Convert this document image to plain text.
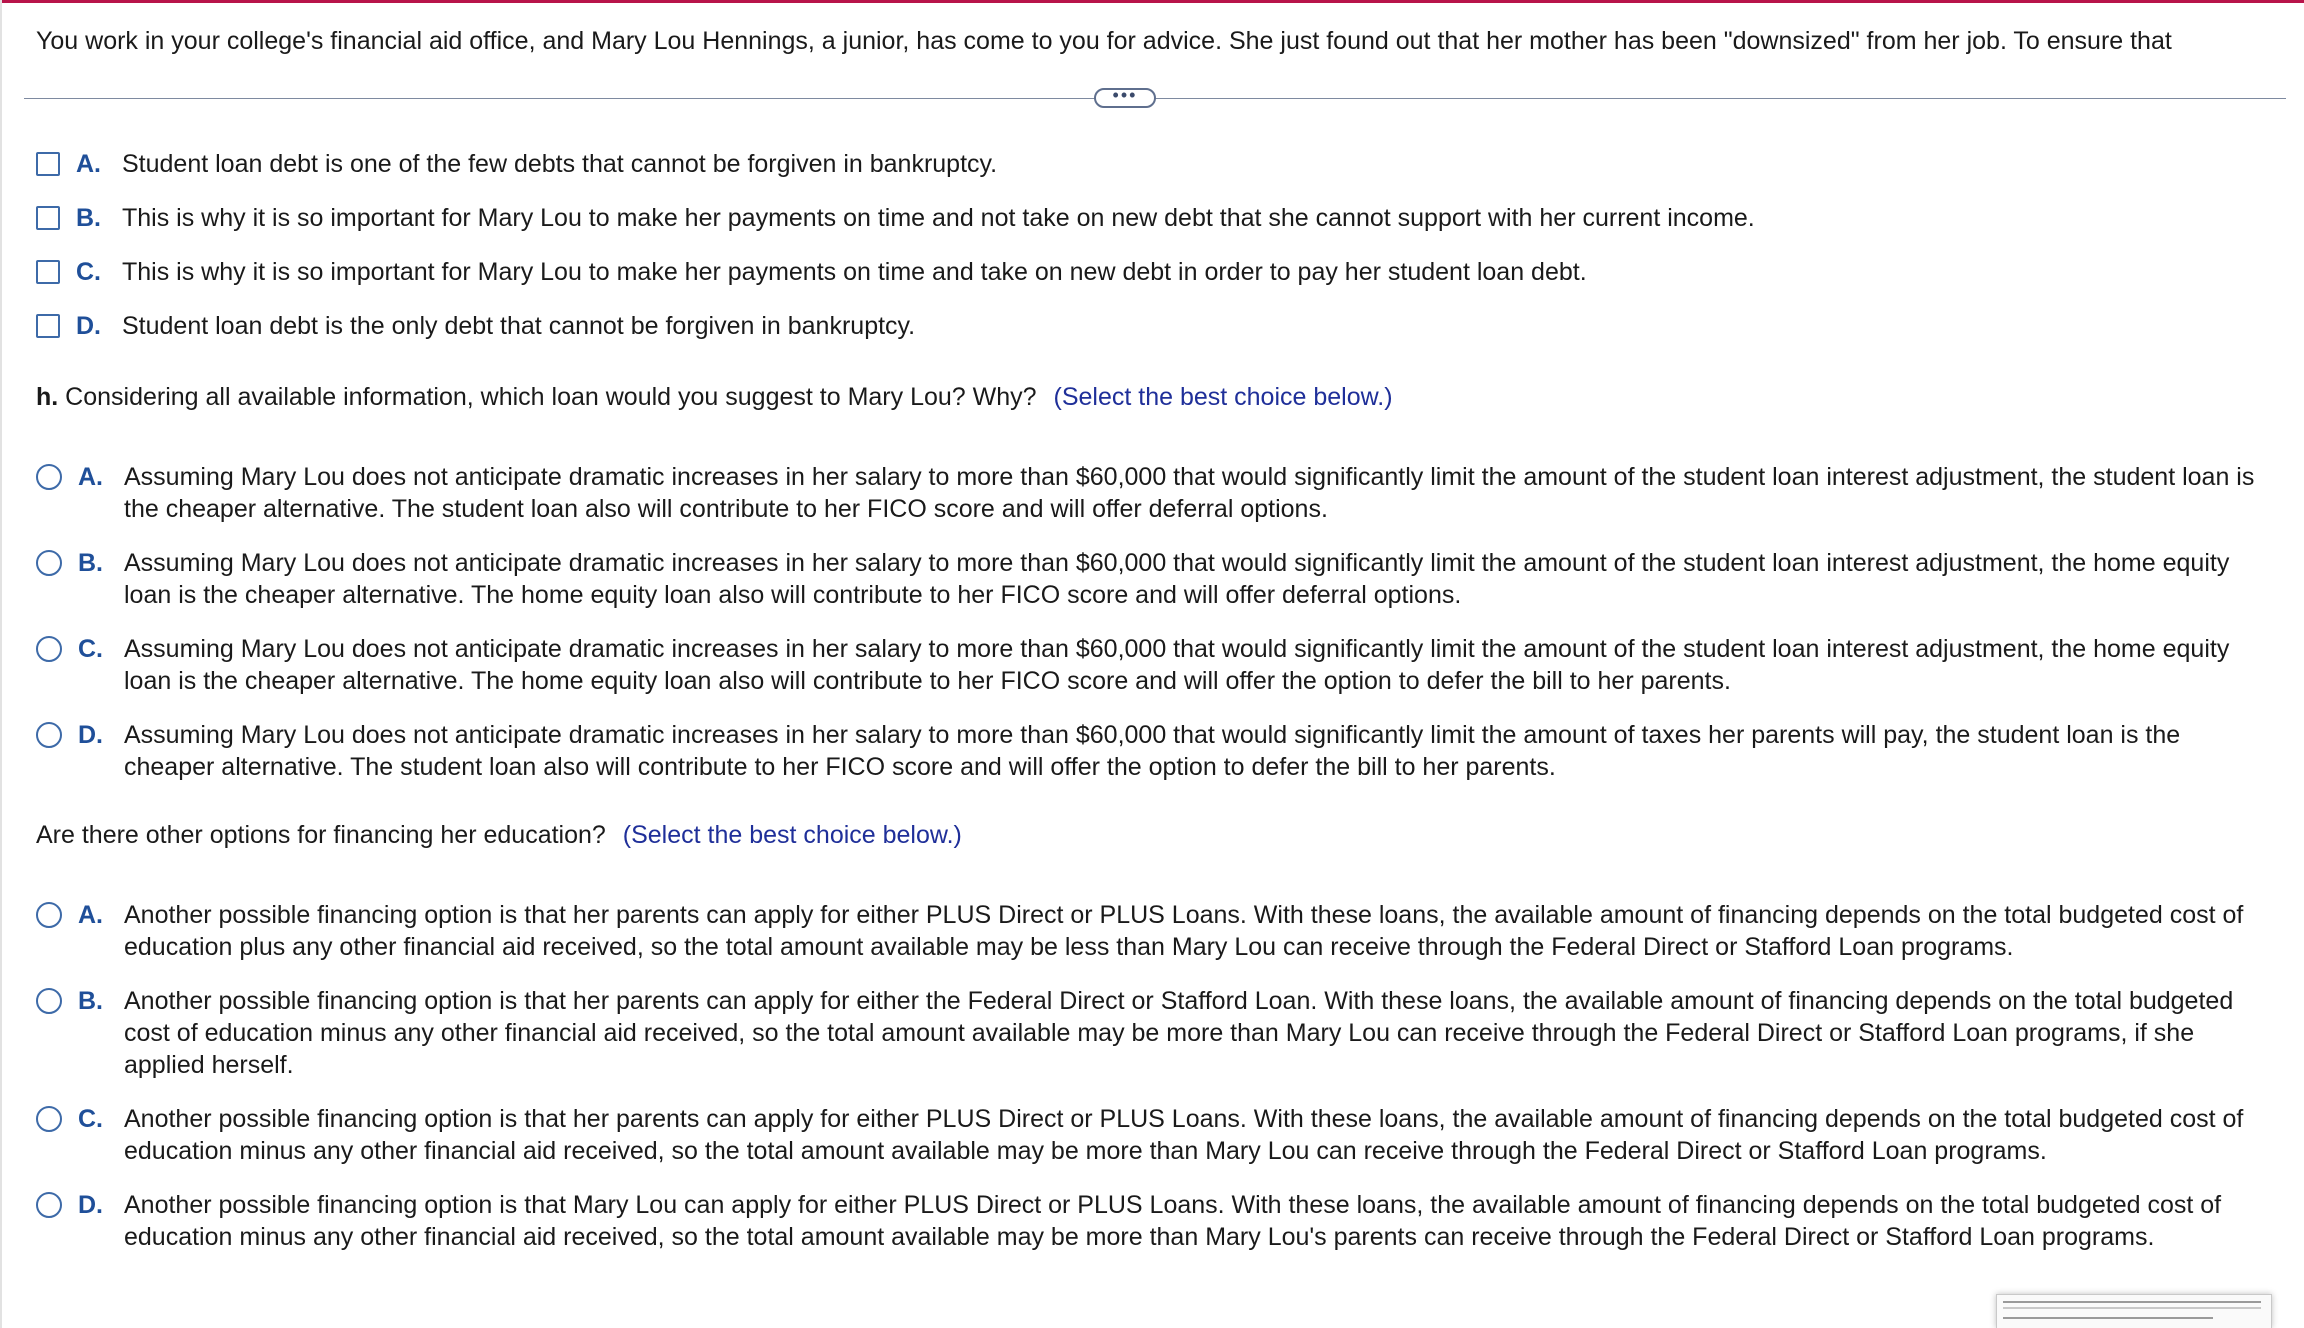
You work in your college's financial aid office, and Mary Lou Hennings, a junior, has come to you for advice. She just found out that her mother has been "downsized" from her job. To ensure that
•••
A. Student loan debt is one of the few debts that cannot be forgiven in bankruptcy.
B. This is why it is so important for Mary Lou to make her payments on time and not take on new debt that she cannot support with her current income.
C. This is why it is so important for Mary Lou to make her payments on time and take on new debt in order to pay her student loan debt.
D. Student loan debt is the only debt that cannot be forgiven in bankruptcy.
h. Considering all available information, which loan would you suggest to Mary Lou? Why? (Select the best choice below.)
A. Assuming Mary Lou does not anticipate dramatic increases in her salary to more than $60,000 that would significantly limit the amount of the student loan interest adjustment, the student loan is the cheaper alternative. The student loan also will contribute to her FICO score and will offer deferral options.
B. Assuming Mary Lou does not anticipate dramatic increases in her salary to more than $60,000 that would significantly limit the amount of the student loan interest adjustment, the home equity loan is the cheaper alternative. The home equity loan also will contribute to her FICO score and will offer deferral options.
C. Assuming Mary Lou does not anticipate dramatic increases in her salary to more than $60,000 that would significantly limit the amount of the student loan interest adjustment, the home equity loan is the cheaper alternative. The home equity loan also will contribute to her FICO score and will offer the option to defer the bill to her parents.
D. Assuming Mary Lou does not anticipate dramatic increases in her salary to more than $60,000 that would significantly limit the amount of taxes her parents will pay, the student loan is the cheaper alternative. The student loan also will contribute to her FICO score and will offer the option to defer the bill to her parents.
Are there other options for financing her education? (Select the best choice below.)
A. Another possible financing option is that her parents can apply for either PLUS Direct or PLUS Loans. With these loans, the available amount of financing depends on the total budgeted cost of education plus any other financial aid received, so the total amount available may be less than Mary Lou can receive through the Federal Direct or Stafford Loan programs.
B. Another possible financing option is that her parents can apply for either the Federal Direct or Stafford Loan. With these loans, the available amount of financing depends on the total budgeted cost of education minus any other financial aid received, so the total amount available may be more than Mary Lou can receive through the Federal Direct or Stafford Loan programs, if she applied herself.
C. Another possible financing option is that her parents can apply for either PLUS Direct or PLUS Loans. With these loans, the available amount of financing depends on the total budgeted cost of education minus any other financial aid received, so the total amount available may be more than Mary Lou can receive through the Federal Direct or Stafford Loan programs.
D. Another possible financing option is that Mary Lou can apply for either PLUS Direct or PLUS Loans. With these loans, the available amount of financing depends on the total budgeted cost of education minus any other financial aid received, so the total amount available may be more than Mary Lou's parents can receive through the Federal Direct or Stafford Loan programs.
